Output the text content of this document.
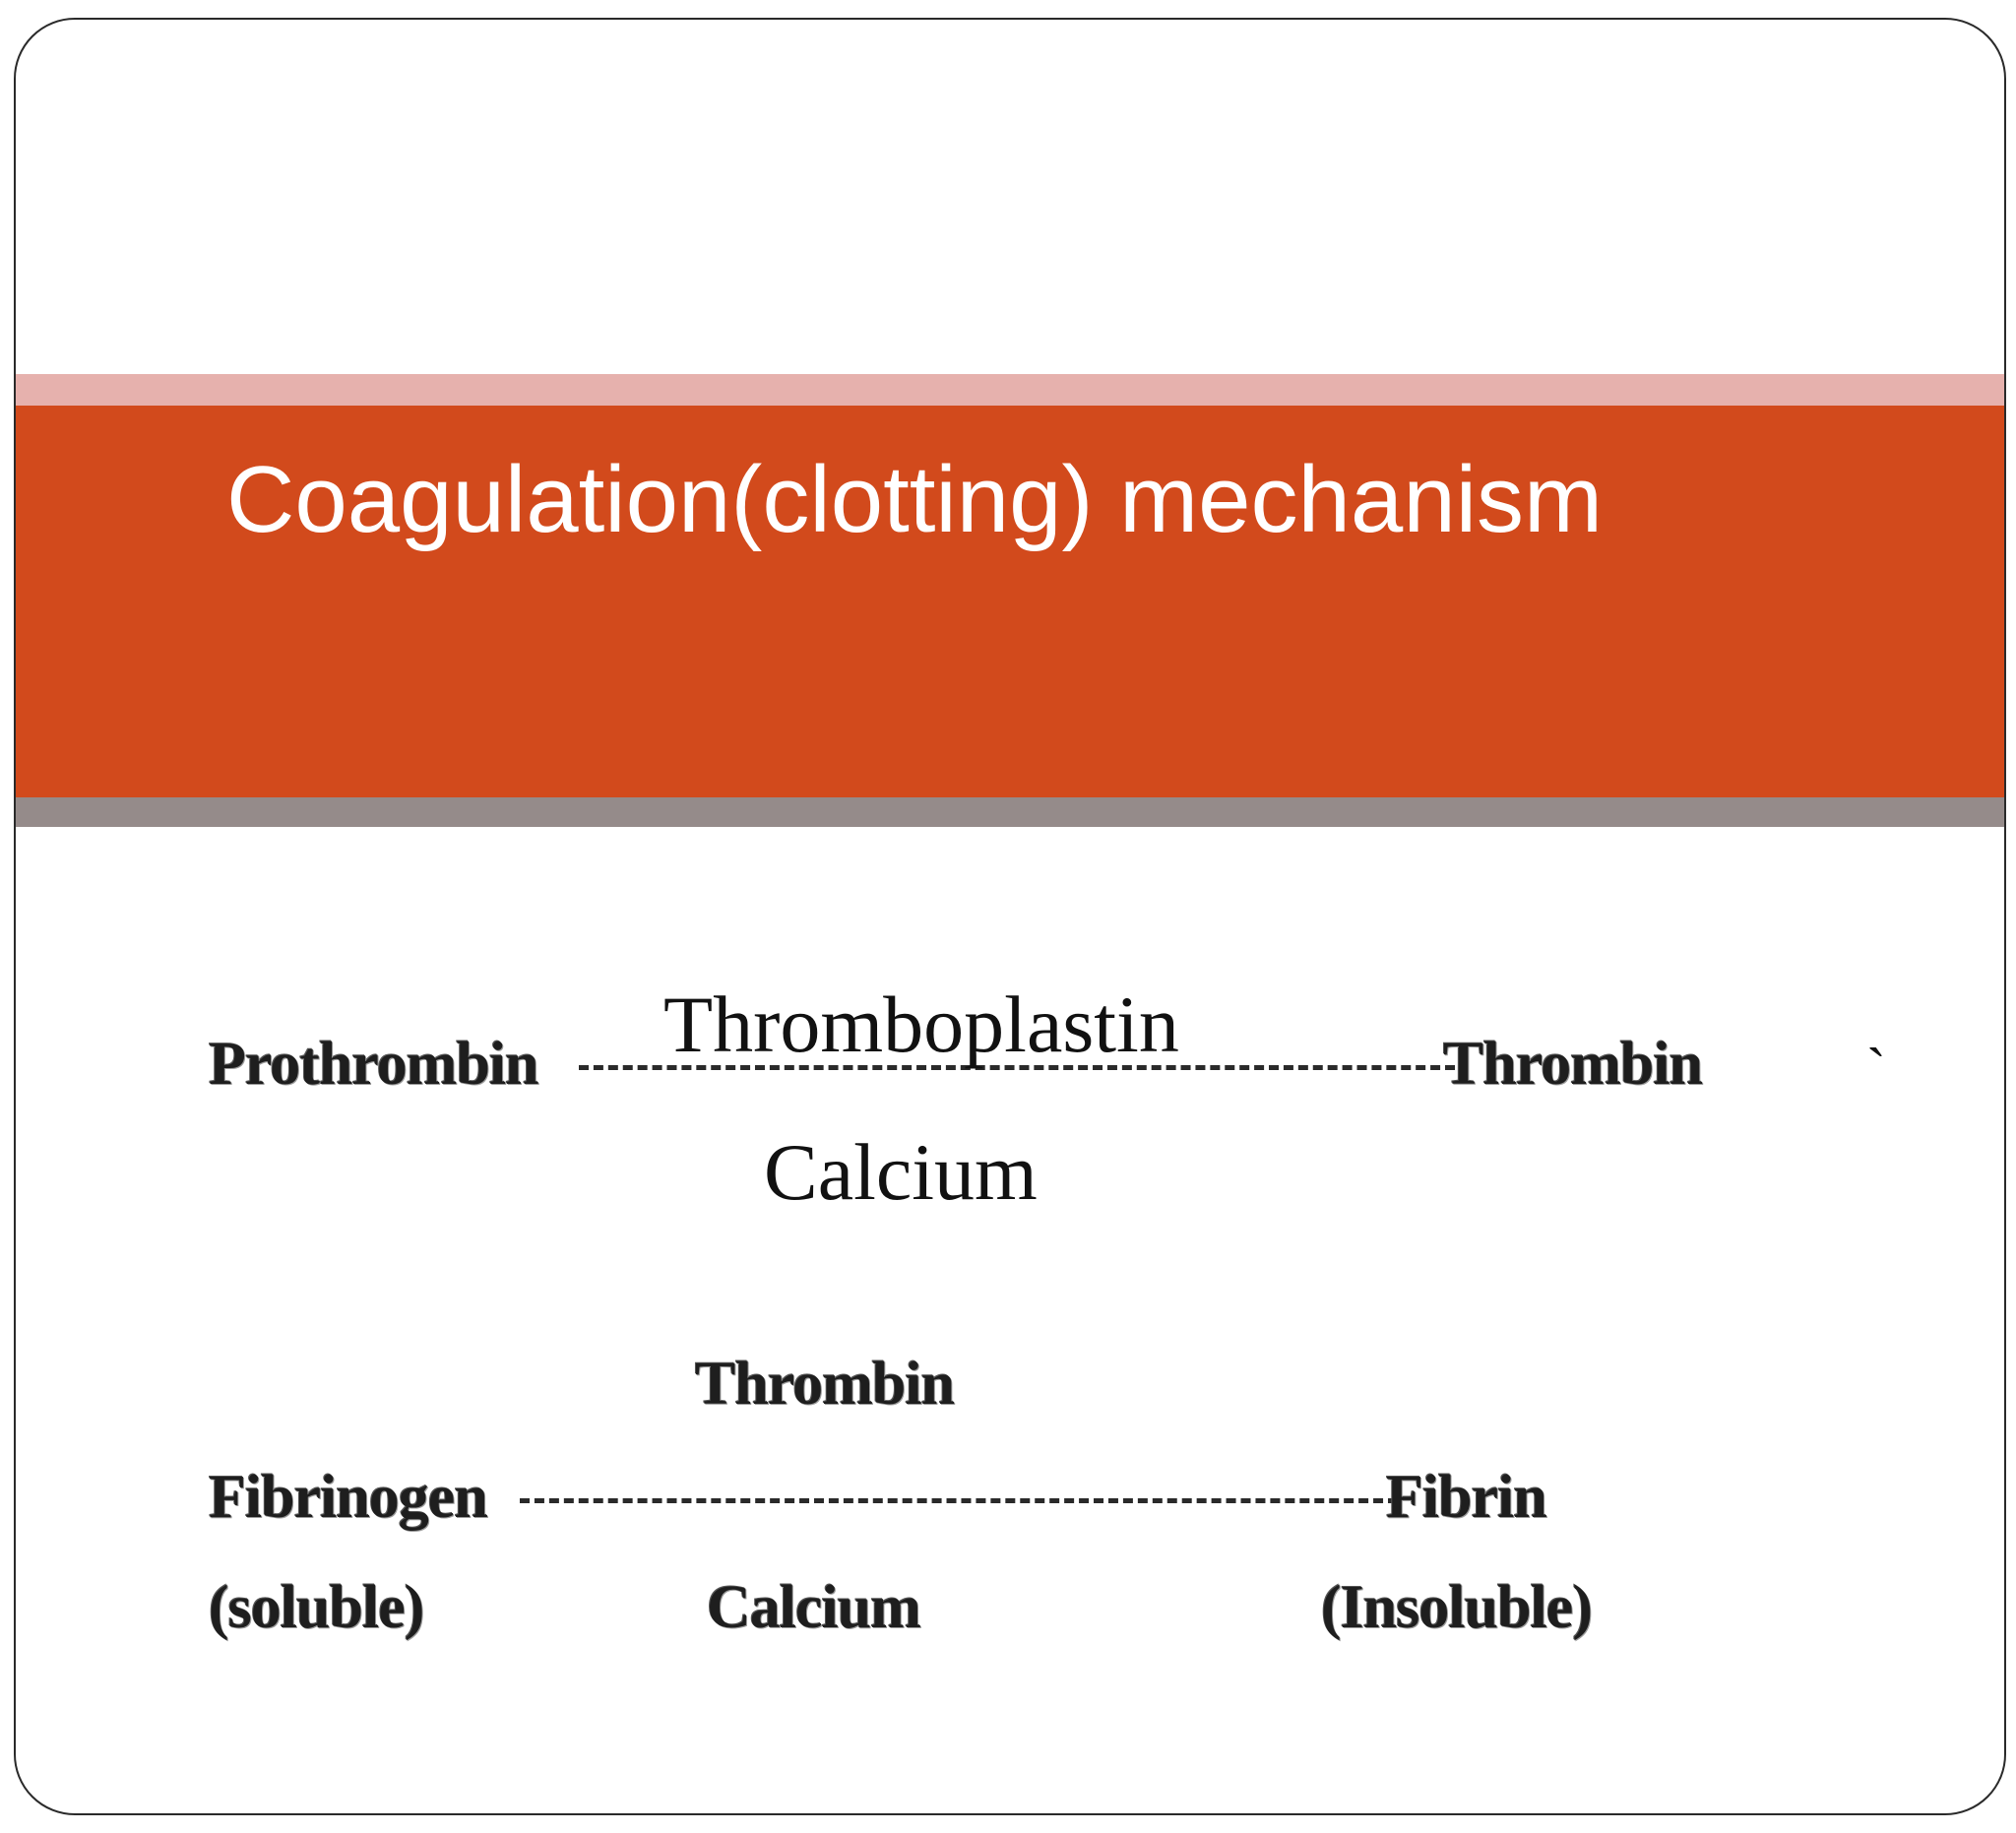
Coagulation(clotting) mechanism
Prothrombin Thromboplastin	Thrombin	`
Calcium
Thrombin
Fibrinogen	Fibrin
(soluble)	Calcium	(Insoluble)
